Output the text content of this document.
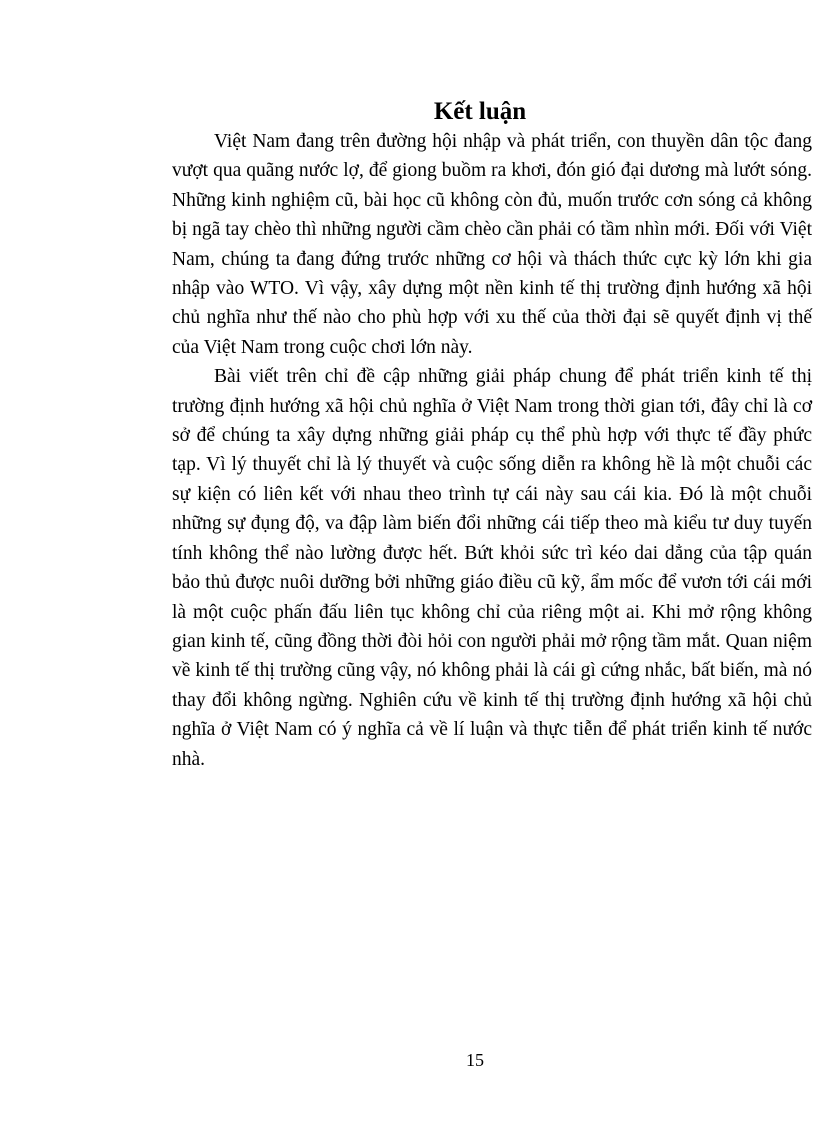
Kết luận

Việt Nam đang trên đường hội nhập và phát triển, con thuyền dân tộc đang vượt qua quãng nước lợ, để giong buồm ra khơi, đón gió đại dương mà lướt sóng. Những kinh nghiệm cũ, bài học cũ không còn đủ, muốn trước cơn sóng cả không bị ngã tay chèo thì những người cầm chèo cần phải có tầm nhìn mới. Đối với Việt Nam, chúng ta đang đứng trước những cơ hội và thách thức cực kỳ lớn khi gia nhập vào WTO. Vì vậy, xây dựng một nền kinh tế thị trường định hướng xã hội chủ nghĩa như thế nào cho phù hợp với xu thế của thời đại sẽ quyết định vị thế của Việt Nam trong cuộc chơi lớn này.

Bài viết trên chỉ đề cập những giải pháp chung để phát triển kinh tế thị trường định hướng xã hội chủ nghĩa ở Việt Nam trong thời gian tới, đây chỉ là cơ sở để chúng ta xây dựng những giải pháp cụ thể phù hợp với thực tế đầy phức tạp. Vì lý thuyết chỉ là lý thuyết và cuộc sống diễn ra không hề là một chuỗi các sự kiện có liên kết với nhau theo trình tự cái này sau cái kia. Đó là một chuỗi những sự đụng độ, va đập làm biến đổi những cái tiếp theo mà kiểu tư duy tuyến tính không thể nào lường được hết. Bứt khỏi sức trì kéo dai dẳng của tập quán bảo thủ được nuôi dưỡng bởi những giáo điều cũ kỹ, ẩm mốc để vươn tới cái mới là một cuộc phấn đấu liên tục không chỉ của riêng một ai. Khi mở rộng không gian kinh tế, cũng đồng thời đòi hỏi con người phải mở rộng tầm mắt. Quan niệm về kinh tế thị trường cũng vậy, nó không phải là cái gì cứng nhắc, bất biến, mà nó thay đổi không ngừng. Nghiên cứu về kinh tế thị trường định hướng xã hội chủ nghĩa ở Việt Nam có ý nghĩa cả về lí luận và thực tiễn để phát triển kinh tế nước nhà.

15
